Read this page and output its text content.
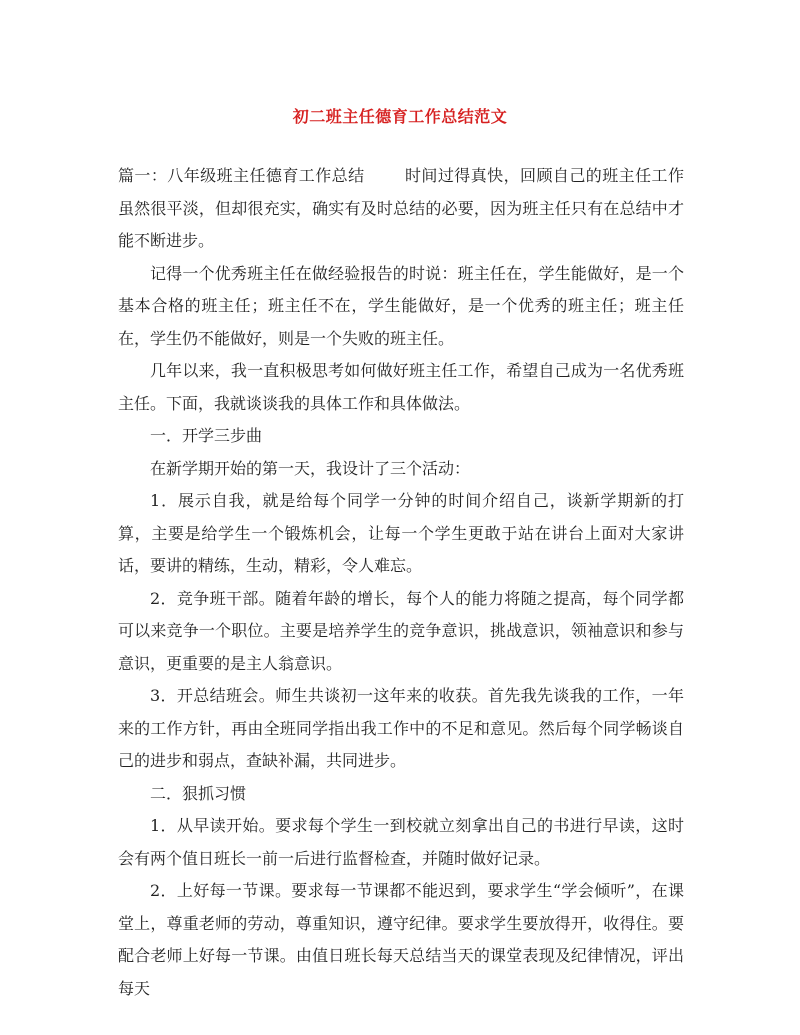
初二班主任德育工作总结范文

篇一：八年级班主任德育工作总结	时间过得真快，回顾自己的班主任工作虽然很平淡，但却很充实，确实有及时总结的必要，因为班主任只有在总结中才能不断进步。

记得一个优秀班主任在做经验报告的时说：班主任在，学生能做好，是一个基本合格的班主任；班主任不在，学生能做好，是一个优秀的班主任；班主任在，学生仍不能做好，则是一个失败的班主任。

几年以来，我一直积极思考如何做好班主任工作，希望自己成为一名优秀班主任。下面，我就谈谈我的具体工作和具体做法。

一．开学三步曲

在新学期开始的第一天，我设计了三个活动：

1．展示自我，就是给每个同学一分钟的时间介绍自己，谈新学期新的打算，主要是给学生一个锻炼机会，让每一个学生更敢于站在讲台上面对大家讲话，要讲的精练，生动，精彩，令人难忘。

2．竞争班干部。随着年龄的增长，每个人的能力将随之提高，每个同学都可以来竞争一个职位。主要是培养学生的竞争意识，挑战意识，领袖意识和参与意识，更重要的是主人翁意识。

3．开总结班会。师生共谈初一这年来的收获。首先我先谈我的工作，一年来的工作方针，再由全班同学指出我工作中的不足和意见。然后每个同学畅谈自己的进步和弱点，查缺补漏，共同进步。

二．狠抓习惯

1．从早读开始。要求每个学生一到校就立刻拿出自己的书进行早读，这时会有两个值日班长一前一后进行监督检查，并随时做好记录。

2．上好每一节课。要求每一节课都不能迟到，要求学生“学会倾听”，在课堂上，尊重老师的劳动，尊重知识，遵守纪律。要求学生要放得开，收得住。要配合老师上好每一节课。由值日班长每天总结当天的课堂表现及纪律情况，评出每天
